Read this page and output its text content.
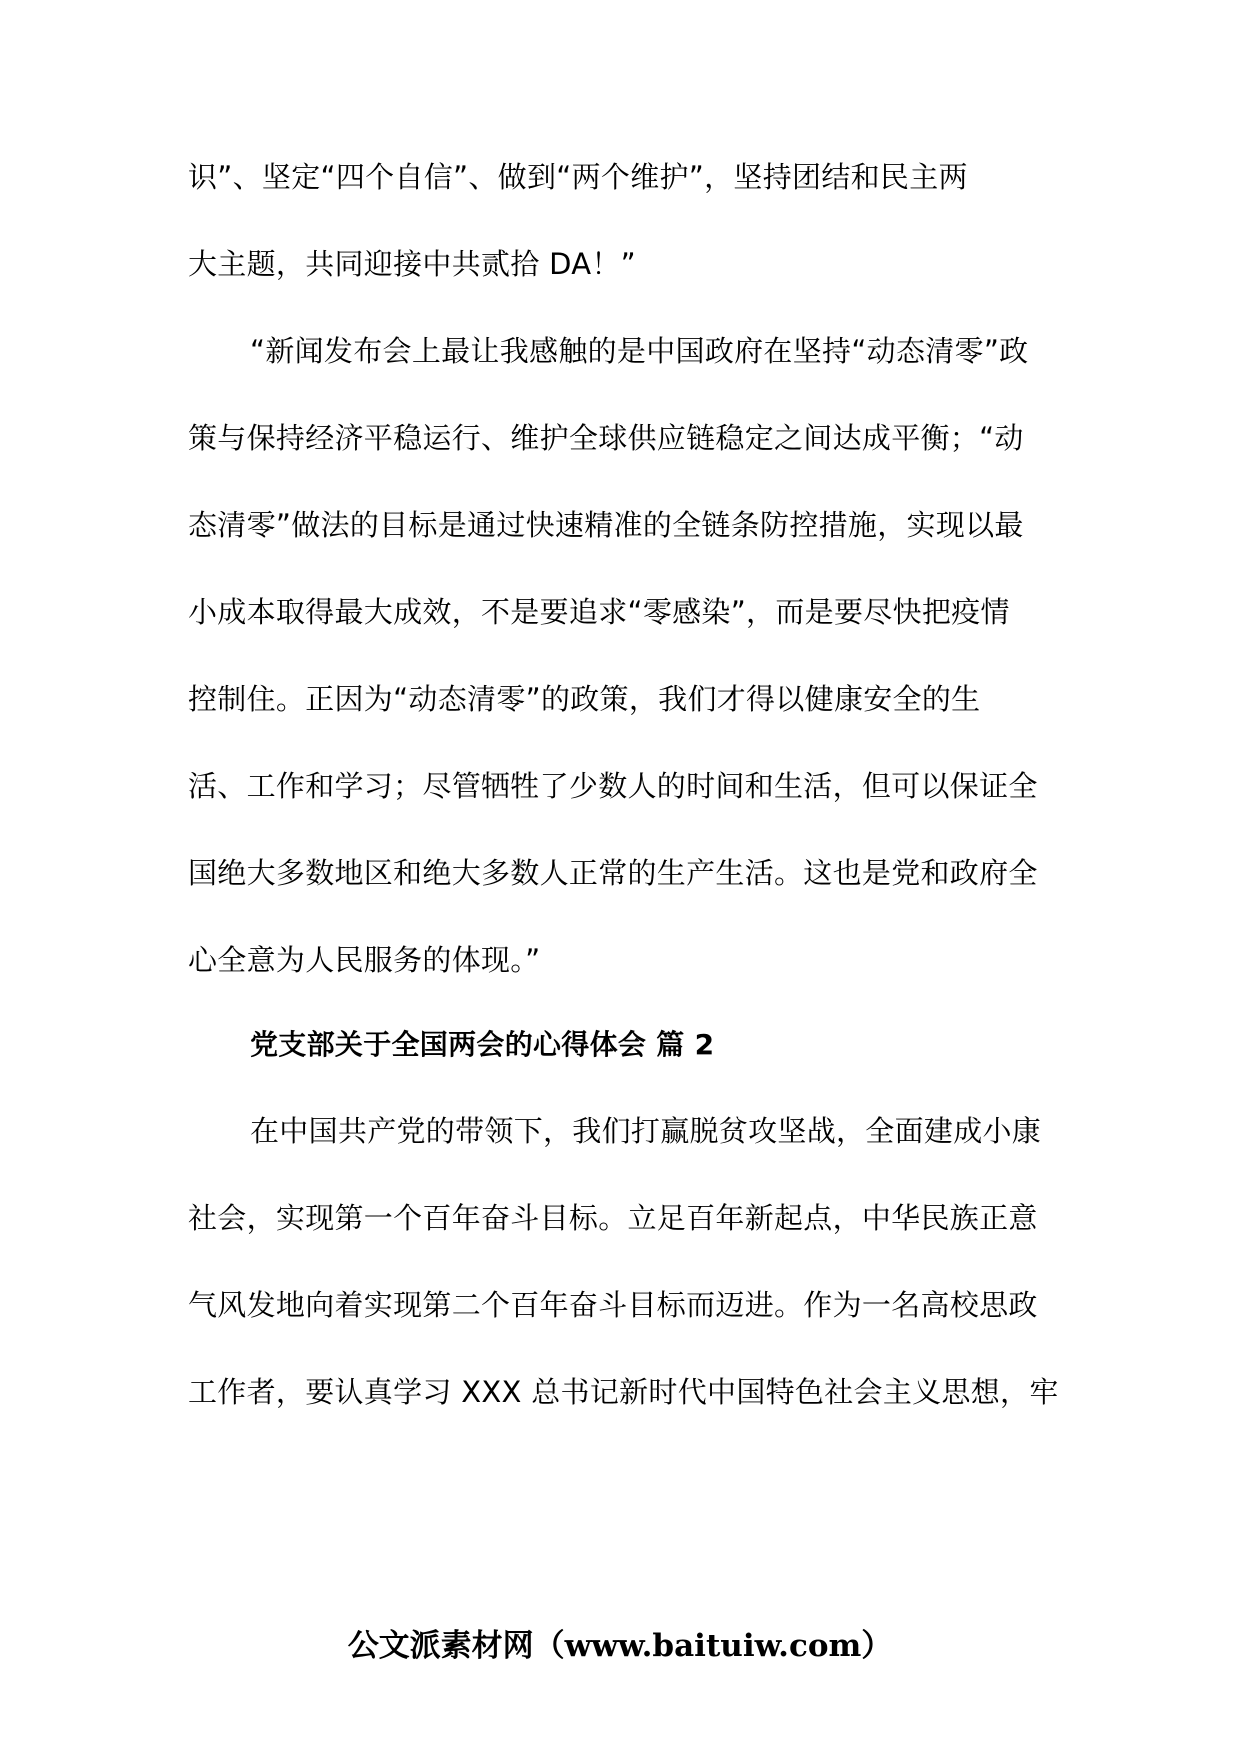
识”、坚定“四个自信”、做到“两个维护”，坚持团结和民主两
大主题，共同迎接中共贰拾 DA！”
“新闻发布会上最让我感触的是中国政府在坚持“动态清零”政
策与保持经济平稳运行、维护全球供应链稳定之间达成平衡；“动
态清零”做法的目标是通过快速精准的全链条防控措施，实现以最
小成本取得最大成效，不是要追求“零感染”，而是要尽快把疫情
控制住。正因为“动态清零”的政策，我们才得以健康安全的生
活、工作和学习；尽管牺牲了少数人的时间和生活，但可以保证全
国绝大多数地区和绝大多数人正常的生产生活。这也是党和政府全
心全意为人民服务的体现。”
党支部关于全国两会的心得体会 篇 2
在中国共产党的带领下，我们打赢脱贫攻坚战，全面建成小康
社会，实现第一个百年奋斗目标。立足百年新起点，中华民族正意
气风发地向着实现第二个百年奋斗目标而迈进。作为一名高校思政
工作者，要认真学习 XXX 总书记新时代中国特色社会主义思想，牢
公文派素材网（www.baituiw.com）
